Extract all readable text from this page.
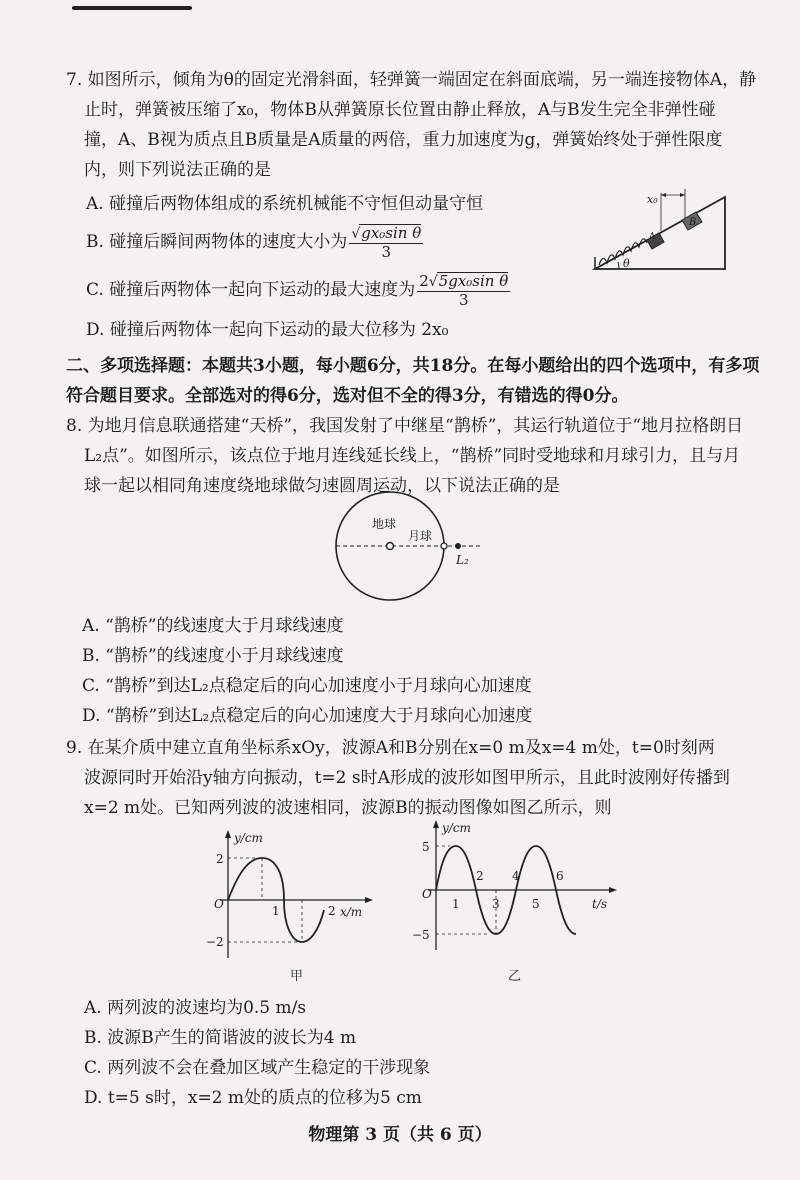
7. 如图所示，倾角为θ的固定光滑斜面，轻弹簧一端固定在斜面底端，另一端连接物体A，静
止时，弹簧被压缩了x₀，物体B从弹簧原长位置由静止释放，A与B发生完全非弹性碰
撞，A、B视为质点且B质量是A质量的两倍，重力加速度为g，弹簧始终处于弹性限度
内，则下列说法正确的是
A. 碰撞后两物体组成的系统机械能不守恒但动量守恒
B. 碰撞后瞬间两物体的速度大小为 $\frac{\text{√gx₀sin θ}}{3}$
C. 碰撞后两物体一起向下运动的最大速度为 $\frac{\text{2√5gx₀sin θ}}{3}$
D. 碰撞后两物体一起向下运动的最大位移为 2x₀
x₀
A
B
θ
二、多项选择题：本题共3小题，每小题6分，共18分。在每小题给出的四个选项中，有多项
符合题目要求。全部选对的得6分，选对但不全的得3分，有错选的得0分。
8. 为地月信息联通搭建“天桥”，我国发射了中继星“鹊桥”，其运行轨道位于“地月拉格朗日
L₂点”。如图所示，该点位于地月连线延长线上，“鹊桥”同时受地球和月球引力，且与月
球一起以相同角速度绕地球做匀速圆周运动，以下说法正确的是
地球
月球
L₂
A. “鹊桥”的线速度大于月球线速度
B. “鹊桥”的线速度小于月球线速度
C. “鹊桥”到达L₂点稳定后的向心加速度小于月球向心加速度
D. “鹊桥”到达L₂点稳定后的向心加速度大于月球向心加速度
9. 在某介质中建立直角坐标系xOy，波源A和B分别在x=0 m及x=4 m处，t=0时刻两
波源同时开始沿y轴方向振动，t=2 s时A形成的波形如图甲所示，且此时波刚好传播到
x=2 m处。已知两列波的波速相同，波源B的振动图像如图乙所示，则
y/cm
x/m
O
2
−2
1	2
甲
y/cm
t/s
O
5
−5
1
2
3
4
5
6
乙
A. 两列波的波速均为0.5 m/s
B. 波源B产生的简谐波的波长为4 m
C. 两列波不会在叠加区域产生稳定的干涉现象
D. t=5 s时，x=2 m处的质点的位移为5 cm
物理第 3 页（共 6 页）
